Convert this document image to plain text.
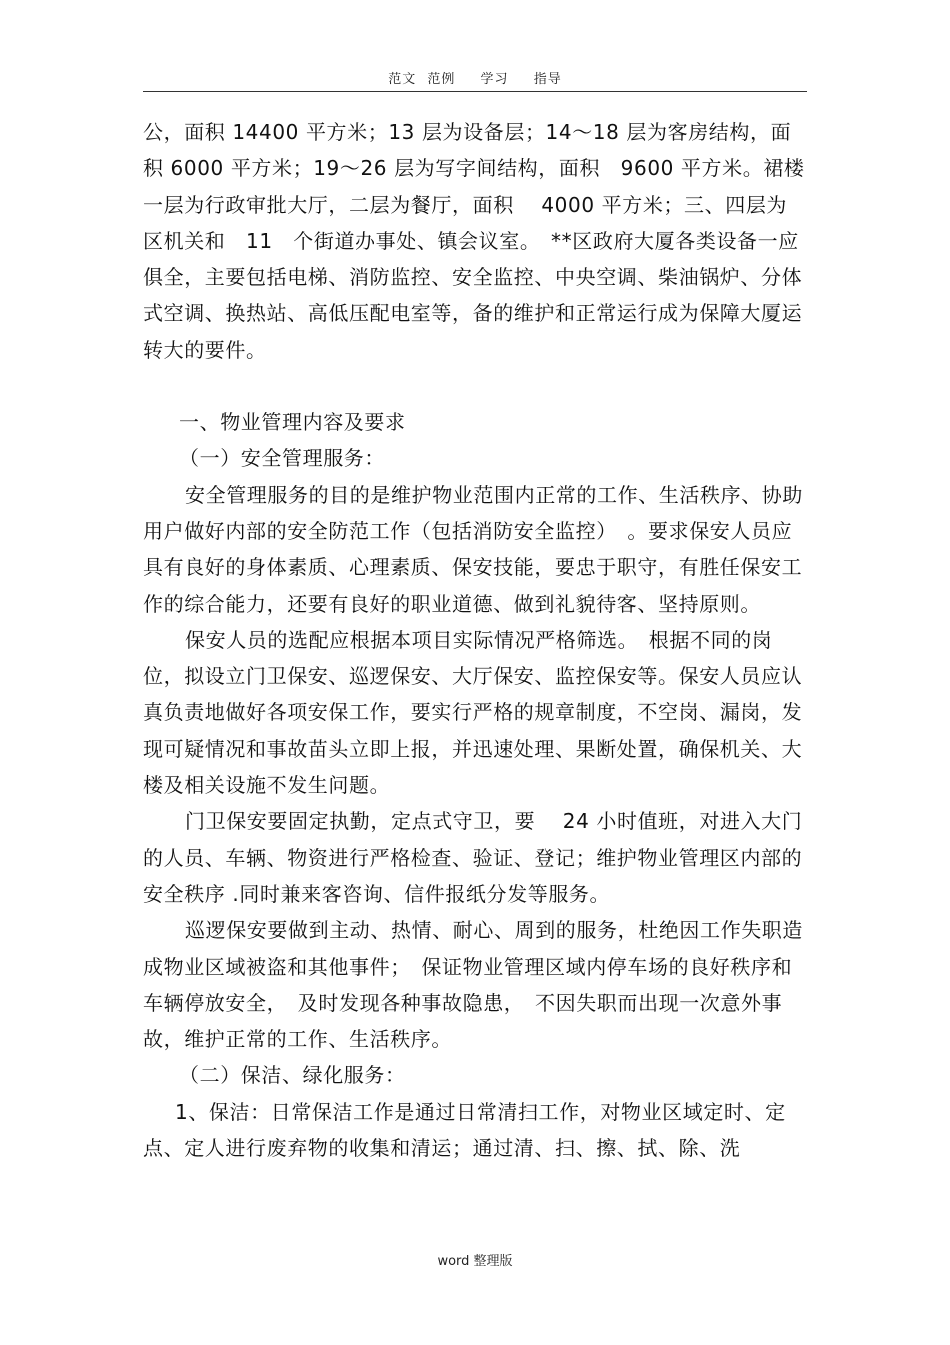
范文 范例　 学习　 指导

公，面积 14400 平方米；13 层为设备层；14～18 层为客房结构，面积 6000 平方米；19～26 层为写字间结构，面积　9600 平方米。裙楼一层为行政审批大厅，二层为餐厅，面积　 4000 平方米；三、四层为区机关和　11　个街道办事处、镇会议室。　**区政府大厦各类设备一应俱全，主要包括电梯、消防监控、安全监控、中央空调、柴油锅炉、分体式空调、换热站、高低压配电室等，备的维护和正常运行成为保障大厦运转大的要件。

一、物业管理内容及要求

（一）安全管理服务：

安全管理服务的目的是维护物业范围内正常的工作、生活秩序、协助用户做好内部的安全防范工作（包括消防安全监控）　。要求保安人员应具有良好的身体素质、心理素质、保安技能，要忠于职守，有胜任保安工作的综合能力，还要有良好的职业道德、做到礼貌待客、坚持原则。

保安人员的选配应根据本项目实际情况严格筛选。　根据不同的岗位，拟设立门卫保安、巡逻保安、大厅保安、监控保安等。保安人员应认真负责地做好各项安保工作，要实行严格的规章制度，不空岗、漏岗，发现可疑情况和事故苗头立即上报，并迅速处理、果断处置，确保机关、大楼及相关设施不发生问题。

门卫保安要固定执勤，定点式守卫，要　 24 小时值班，对进入大门的人员、车辆、物资进行严格检查、验证、登记；维护物业管理区内部的安全秩序 .同时兼来客咨询、信件报纸分发等服务。

巡逻保安要做到主动、热情、耐心、周到的服务，杜绝因工作失职造成物业区域被盗和其他事件；　保证物业管理区域内停车场的良好秩序和车辆停放安全，　及时发现各种事故隐患，　不因失职而出现一次意外事故，维护正常的工作、生活秩序。

（二）保洁、绿化服务：

1、保洁：日常保洁工作是通过日常清扫工作，对物业区域定时、定点、定人进行废弃物的收集和清运；通过清、扫、擦、拭、除、洗

word 整理版
